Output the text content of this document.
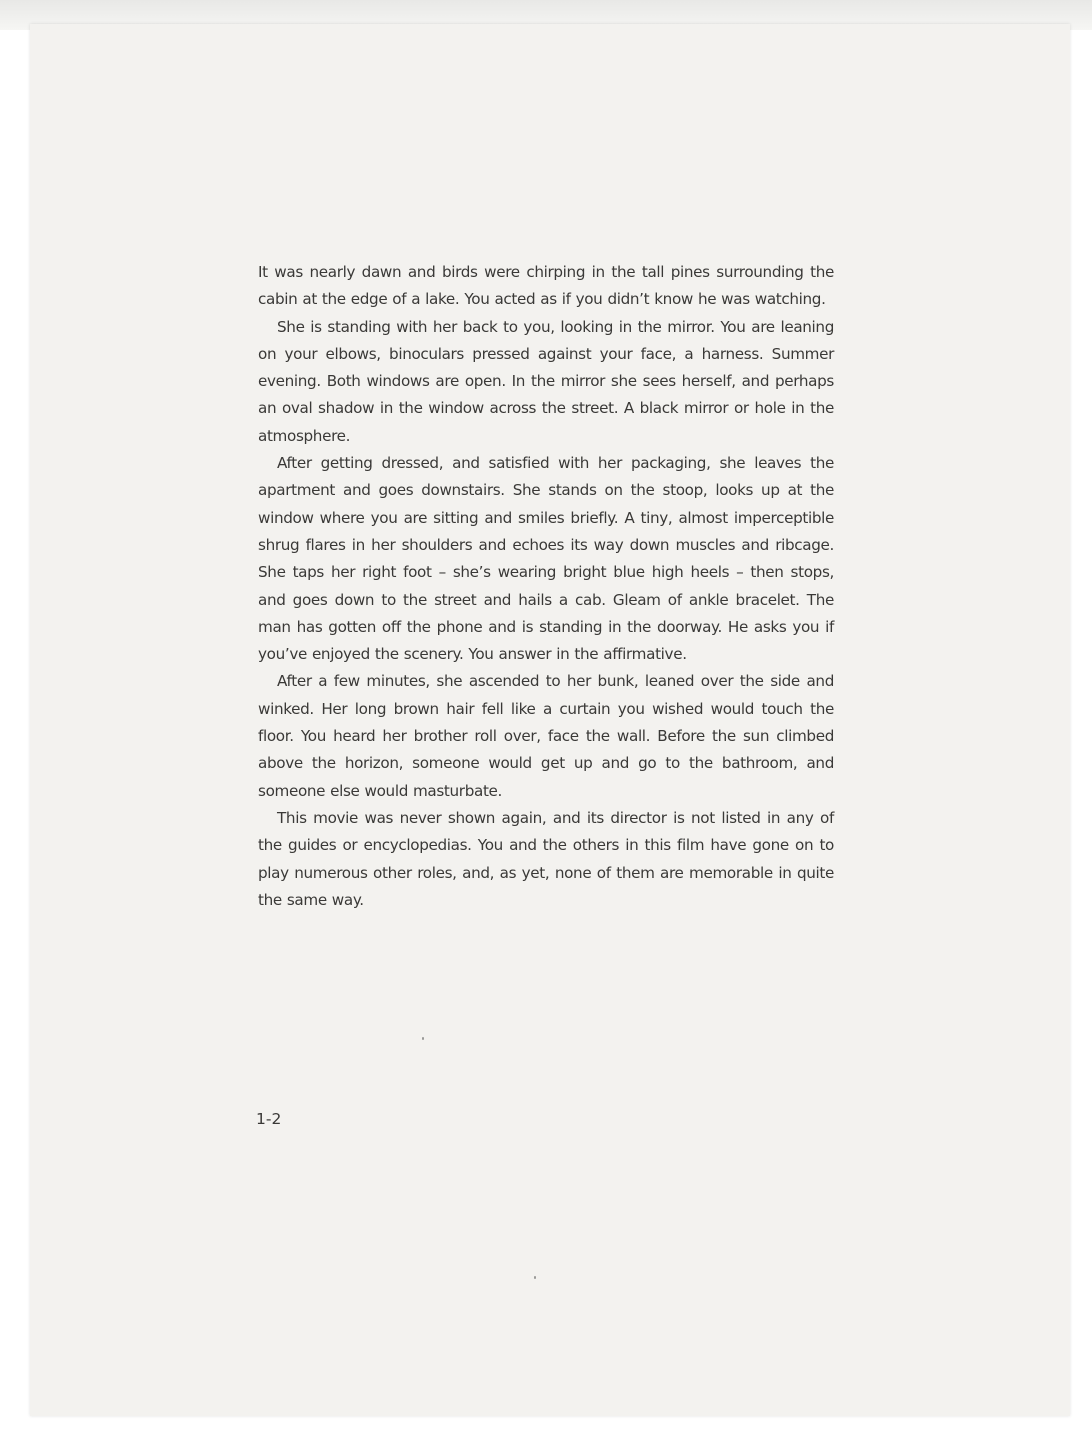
It was nearly dawn and birds were chirping in the tall pines surrounding the cabin at the edge of a lake. You acted as if you didn’t know he was watching.

She is standing with her back to you, looking in the mirror. You are leaning on your elbows, binoculars pressed against your face, a harness. Summer evening. Both windows are open. In the mirror she sees herself, and perhaps an oval shadow in the window across the street. A black mirror or hole in the atmosphere.

After getting dressed, and satisfied with her packaging, she leaves the apartment and goes downstairs. She stands on the stoop, looks up at the window where you are sitting and smiles briefly. A tiny, almost imperceptible shrug flares in her shoulders and echoes its way down muscles and ribcage. She taps her right foot – she’s wearing bright blue high heels – then stops, and goes down to the street and hails a cab. Gleam of ankle bracelet. The man has gotten off the phone and is standing in the doorway. He asks you if you’ve enjoyed the scenery. You answer in the affirmative.

After a few minutes, she ascended to her bunk, leaned over the side and winked. Her long brown hair fell like a curtain you wished would touch the floor. You heard her brother roll over, face the wall. Before the sun climbed above the horizon, someone would get up and go to the bathroom, and someone else would masturbate.

This movie was never shown again, and its director is not listed in any of the guides or encyclopedias. You and the others in this film have gone on to play numerous other roles, and, as yet, none of them are memorable in quite the same way.

1-2
